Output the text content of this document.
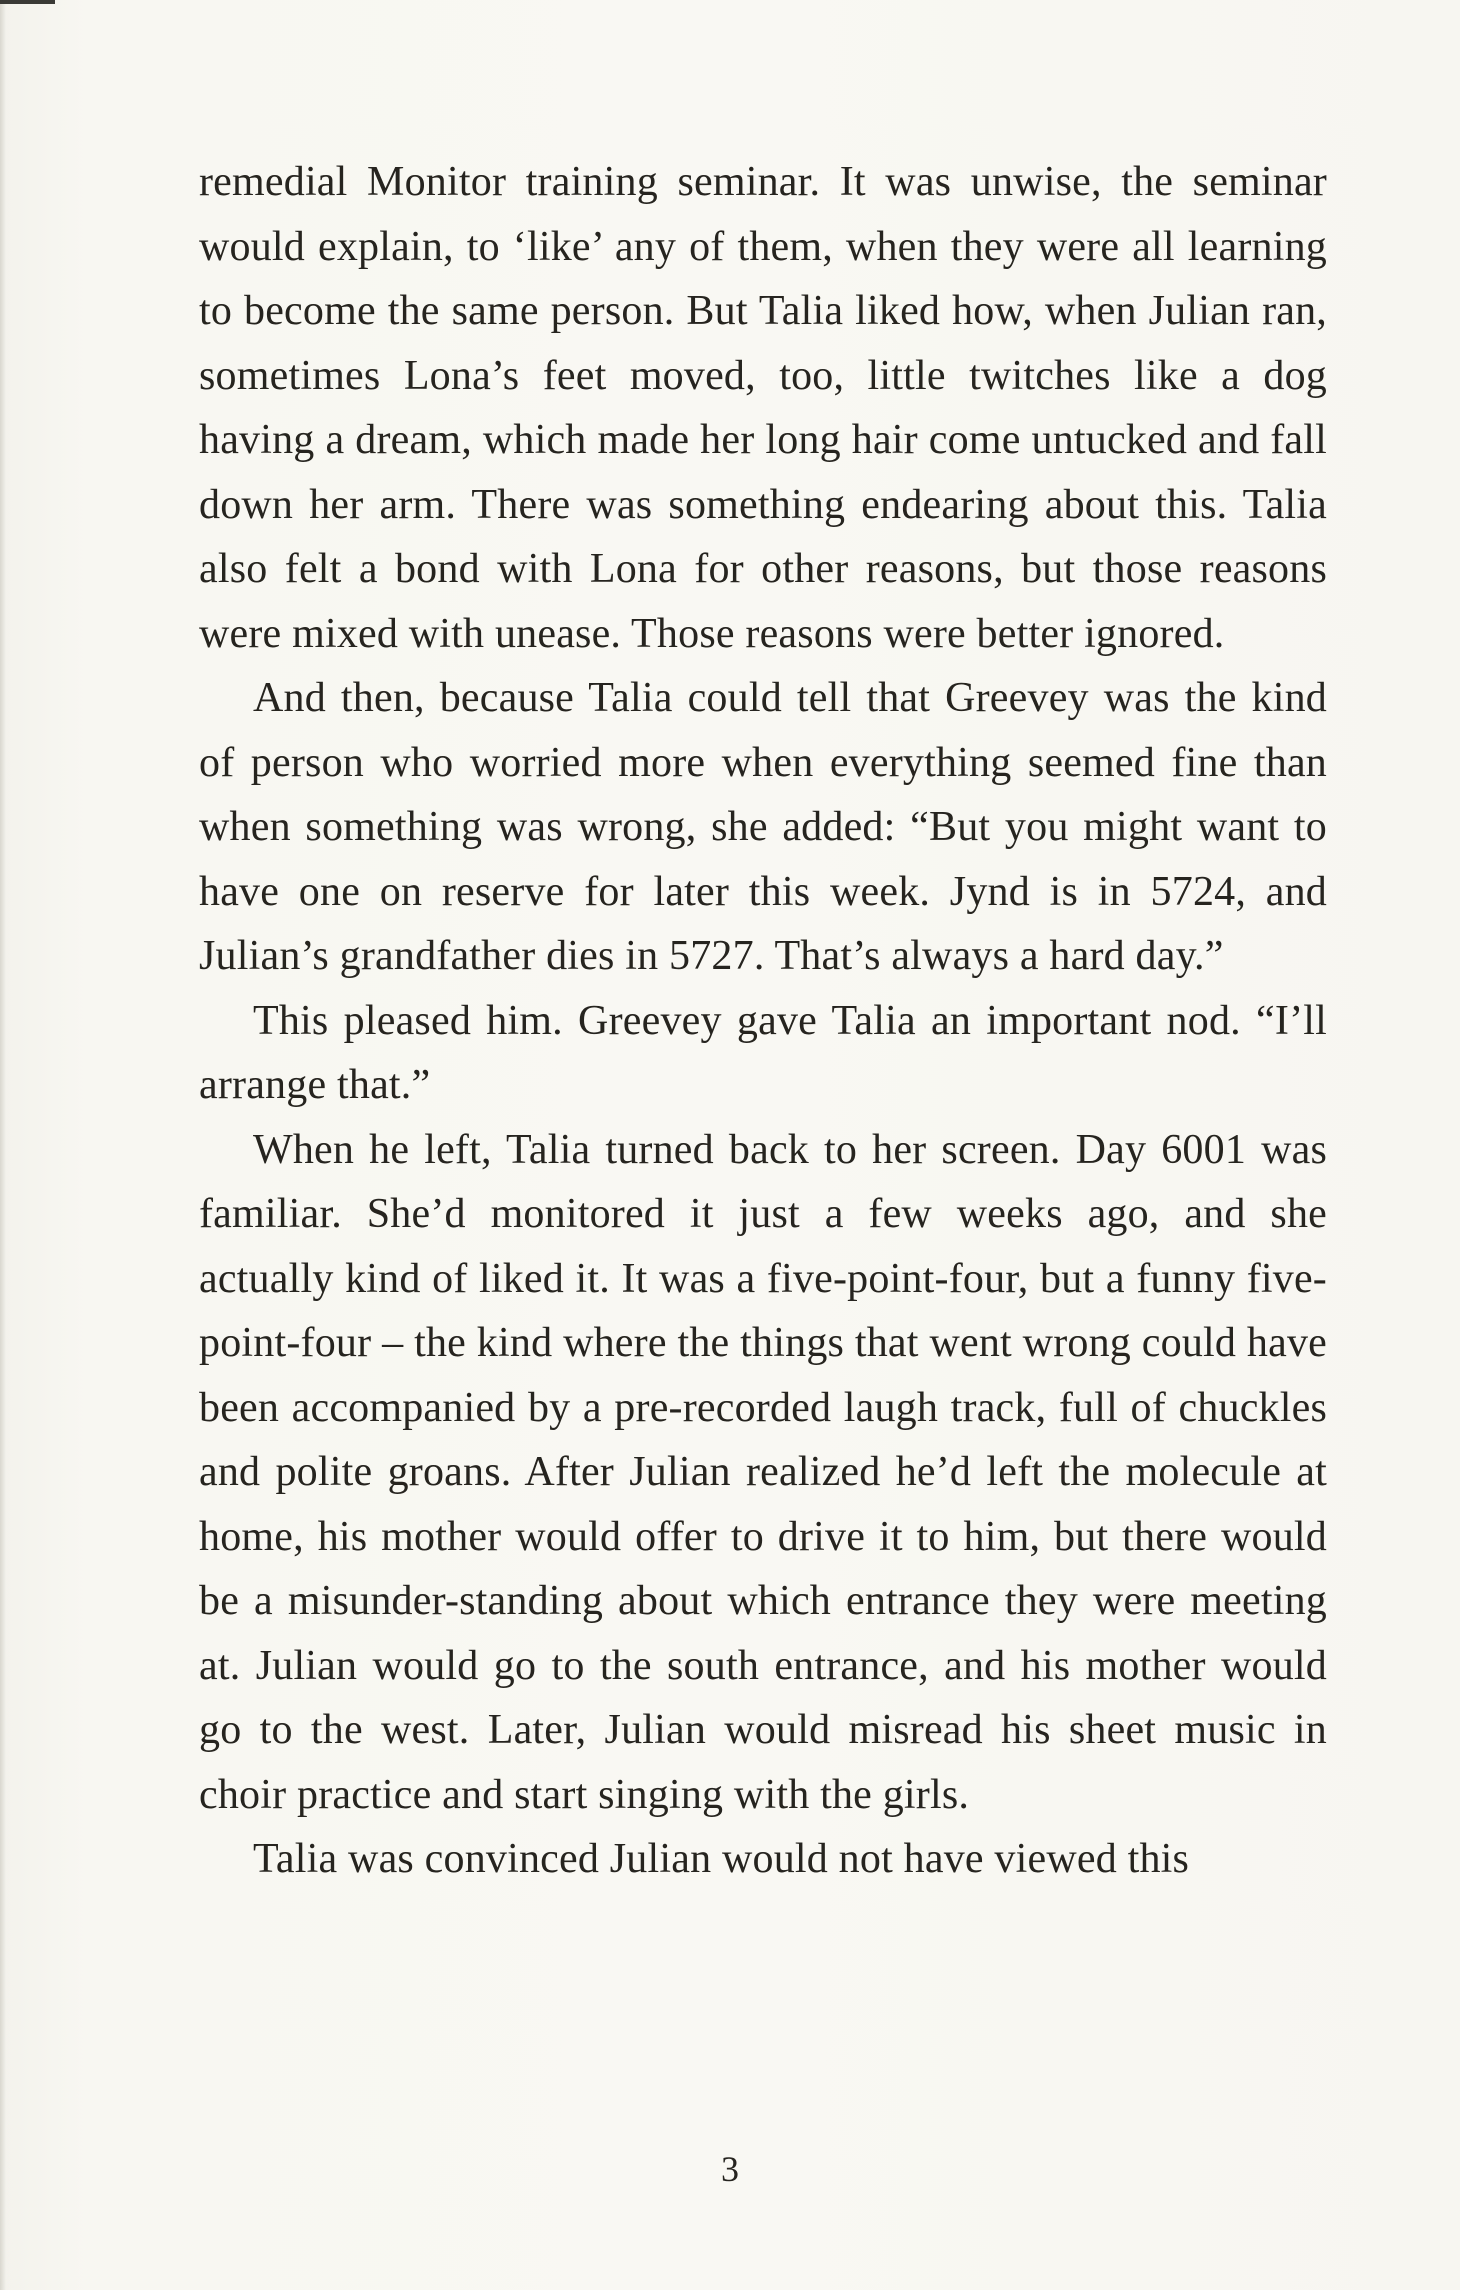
remedial Monitor training seminar. It was unwise, the seminar would explain, to ‘like’ any of them, when they were all learning to become the same person. But Talia liked how, when Julian ran, sometimes Lona’s feet moved, too, little twitches like a dog having a dream, which made her long hair come untucked and fall down her arm. There was something endearing about this. Talia also felt a bond with Lona for other reasons, but those reasons were mixed with unease. Those reasons were better ignored.

And then, because Talia could tell that Greevey was the kind of person who worried more when everything seemed fine than when something was wrong, she added: “But you might want to have one on reserve for later this week. Jynd is in 5724, and Julian’s grandfather dies in 5727. That’s always a hard day.”

This pleased him. Greevey gave Talia an important nod. “I’ll arrange that.”

When he left, Talia turned back to her screen. Day 6001 was familiar. She’d monitored it just a few weeks ago, and she actually kind of liked it. It was a five-point-four, but a funny five-point-four – the kind where the things that went wrong could have been accompanied by a pre-recorded laugh track, full of chuckles and polite groans. After Julian realized he’d left the molecule at home, his mother would offer to drive it to him, but there would be a misunder-standing about which entrance they were meeting at. Julian would go to the south entrance, and his mother would go to the west. Later, Julian would misread his sheet music in choir practice and start singing with the girls.

Talia was convinced Julian would not have viewed this

3
